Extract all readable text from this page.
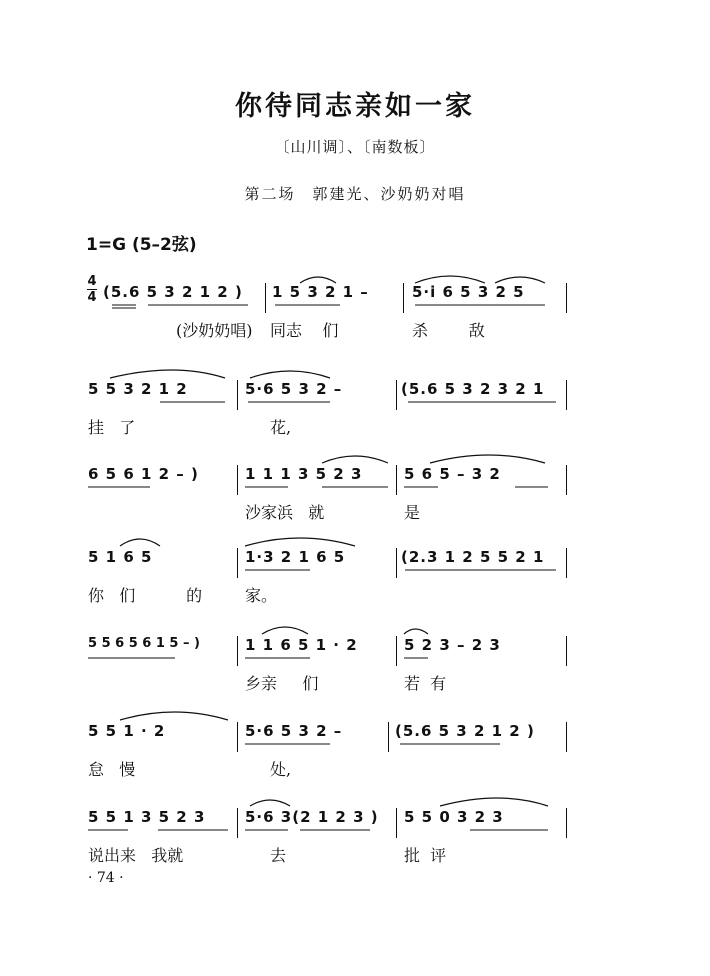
你待同志亲如一家
〔山川调〕、〔南数板〕
第二场　郭建光、沙奶奶对唱
1=G (5–2弦)
4
4 (5.6 5 3 2 1 2 ) 1 5 3 2 1 –	5·i 6 5 3 2 5
(沙奶奶唱) 同志    们	杀        敌
5 5 3 2 1 2	5·6 5 3 2 –	(5.6 5 3 2 3 2 1
挂   了	花,
6 5 6 1 2 – )	1 1 1 3 5 2 3	5 6 5 – 3 2
沙家浜   就	是
5 1 6 5	1·3 2 1 6 5	(2.3 1 2 5 5 2 1
你   们          的	家。
5 5 6 5 6 1 5 – )	1 1 6 5 1 · 2	5 2 3 – 2 3
乡亲     们	若  有
5 5 1 · 2	5·6 5 3 2 –	(5.6 5 3 2 1 2 )
怠   慢	处,
5 5 1 3 5 2 3	5·6 3(2 1 2 3 ) 5 5 0 3 2 3
说出来   我就	去	批  评
· 74 ·
